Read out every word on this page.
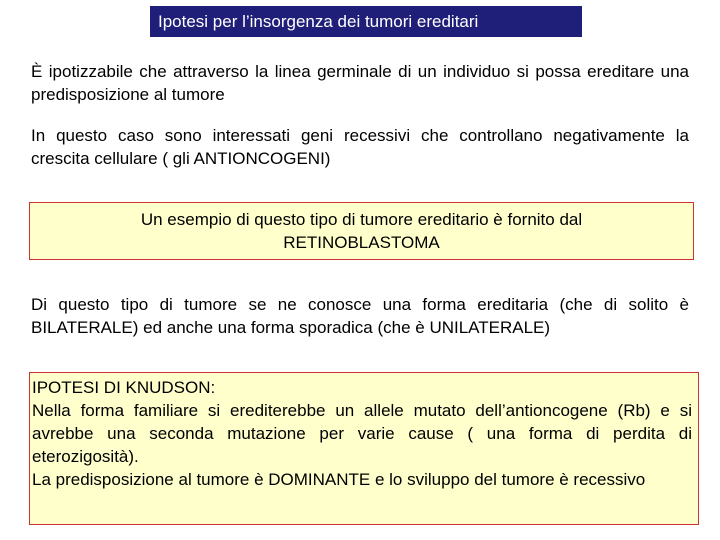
Ipotesi per l’insorgenza dei tumori ereditari
È ipotizzabile che attraverso la linea germinale di un individuo si possa ereditare una predisposizione al tumore
In questo caso sono interessati geni recessivi che controllano negativamente la crescita cellulare ( gli ANTIONCOGENI)
Un esempio di questo tipo di tumore ereditario è fornito dal
RETINOBLASTOMA
Di questo tipo di tumore se ne conosce una forma ereditaria (che di solito è BILATERALE) ed anche una forma sporadica (che è UNILATERALE)
IPOTESI DI KNUDSON:
Nella forma familiare si erediterebbe un allele mutato dell’antioncogene (Rb) e si avrebbe una seconda mutazione per varie cause ( una forma di perdita di eterozigosità).
La predisposizione al tumore è DOMINANTE e lo sviluppo del tumore è recessivo
